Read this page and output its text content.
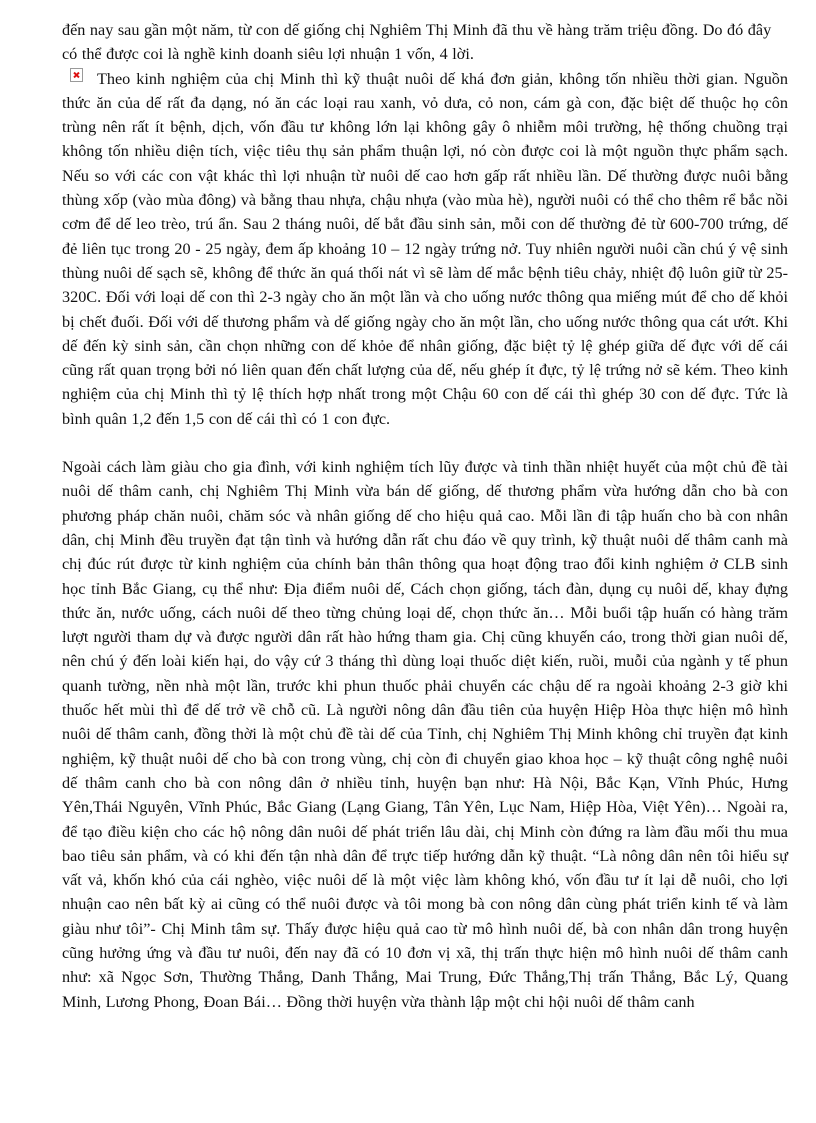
đến nay sau gần một năm, từ con dế giống chị Nghiêm Thị Minh đã thu về hàng trăm triệu đồng. Do đó đây có thể được coi là nghề kinh doanh siêu lợi nhuận 1 vốn, 4 lời.

Theo kinh nghiệm của chị Minh thì kỹ thuật nuôi dế khá đơn giản, không tốn nhiều thời gian. Nguồn thức ăn của dế rất đa dạng, nó ăn các loại rau xanh, vỏ dưa, cỏ non, cám gà con, đặc biệt dế thuộc họ côn trùng nên rất ít bệnh, dịch, vốn đầu tư không lớn lại không gây ô nhiễm môi trường, hệ thống chuồng trại không tốn nhiều diện tích, việc tiêu thụ sản phẩm thuận lợi, nó còn được coi là một nguồn thực phẩm sạch. Nếu so với các con vật khác thì lợi nhuận từ nuôi dế cao hơn gấp rất nhiều lần. Dế thường được nuôi bằng thùng xốp (vào mùa đông) và bằng thau nhựa, chậu nhựa (vào mùa hè), người nuôi có thể cho thêm rể bắc nồi cơm để dế leo trèo, trú ẩn. Sau 2 tháng nuôi, dế bắt đầu sinh sản, mỗi con dế thường đẻ từ 600-700 trứng, dế đẻ liên tục trong 20 - 25 ngày, đem ấp khoảng 10 – 12 ngày trứng nở. Tuy nhiên người nuôi cần chú ý vệ sinh thùng nuôi dế sạch sẽ, không để thức ăn quá thối nát vì sẽ làm dế mắc bệnh tiêu chảy, nhiệt độ luôn giữ từ 25-320C. Đối với loại dế con thì 2-3 ngày cho ăn một lần và cho uống nước thông qua miếng mút để cho dế khỏi bị chết đuối. Đối với dế thương phẩm và dế giống ngày cho ăn một lần, cho uống nước thông qua cát ướt. Khi dế đến kỳ sinh sản, cần chọn những con dế khỏe để nhân giống, đặc biệt tỷ lệ ghép giữa dế đực với dế cái cũng rất quan trọng bởi nó liên quan đến chất lượng của dế, nếu ghép ít đực, tỷ lệ trứng nở sẽ kém. Theo kinh nghiệm của chị Minh thì tỷ lệ thích hợp nhất trong một Chậu 60 con dế cái thì ghép 30 con dế đực. Tức là bình quân 1,2 đến 1,5 con dế cái thì có 1 con đực.

Ngoài cách làm giàu cho gia đình, với kinh nghiệm tích lũy được và tinh thần nhiệt huyết của một chủ đề tài nuôi dế thâm canh, chị Nghiêm Thị Minh vừa bán dế giống, dế thương phẩm vừa hướng dẫn cho bà con phương pháp chăn nuôi, chăm sóc và nhân giống dế cho hiệu quả cao. Mỗi lần đi tập huấn cho bà con nhân dân, chị Minh đều truyền đạt tận tình và hướng dẫn rất chu đáo về quy trình, kỹ thuật nuôi dế thâm canh mà chị đúc rút được từ kinh nghiệm của chính bản thân thông qua hoạt động trao đổi kinh nghiệm ở CLB sinh học tỉnh Bắc Giang, cụ thể như: Địa điểm nuôi dế, Cách chọn giống, tách đàn, dụng cụ nuôi dế, khay đựng thức ăn, nước uống, cách nuôi dế theo từng chủng loại dế, chọn thức ăn… Mỗi buổi tập huấn có hàng trăm lượt người tham dự và được người dân rất hào hứng tham gia. Chị cũng khuyến cáo, trong thời gian nuôi dế, nên chú ý đến loài kiến hại, do vậy cứ 3 tháng thì dùng loại thuốc diệt kiến, ruồi, muỗi của ngành y tế phun quanh tường, nền nhà một lần, trước khi phun thuốc phải chuyển các chậu dế ra ngoài khoảng 2-3 giờ khi thuốc hết mùi thì để dế trở về chỗ cũ. Là người nông dân đầu tiên của huyện Hiệp Hòa thực hiện mô hình nuôi dế thâm canh, đồng thời là một chủ đề tài dế của Tỉnh, chị Nghiêm Thị Minh không chỉ truyền đạt kinh nghiệm, kỹ thuật nuôi dế cho bà con trong vùng, chị còn đi chuyển giao khoa học – kỹ thuật công nghệ nuôi dế thâm canh cho bà con nông dân ở nhiều tỉnh, huyện bạn như: Hà Nội, Bắc Kạn, Vĩnh Phúc, Hưng Yên,Thái Nguyên, Vĩnh Phúc, Bắc Giang (Lạng Giang, Tân Yên, Lục Nam, Hiệp Hòa, Việt Yên)… Ngoài ra, để tạo điều kiện cho các hộ nông dân nuôi dế phát triển lâu dài, chị Minh còn đứng ra làm đầu mối thu mua bao tiêu sản phẩm, và có khi đến tận nhà dân để trực tiếp hướng dẫn kỹ thuật. “Là nông dân nên tôi hiểu sự vất vả, khốn khó của cái nghèo, việc nuôi dế là một việc làm không khó, vốn đầu tư ít lại dễ nuôi, cho lợi nhuận cao nên bất kỳ ai cũng có thể nuôi được và tôi mong bà con nông dân cùng phát triển kinh tế và làm giàu như tôi”- Chị Minh tâm sự. Thấy được hiệu quả cao từ mô hình nuôi dế, bà con nhân dân trong huyện cũng hưởng ứng và đầu tư nuôi, đến nay đã có 10 đơn vị xã, thị trấn thực hiện mô hình nuôi dế thâm canh như: xã Ngọc Sơn, Thường Thắng, Danh Thắng, Mai Trung, Đức Thắng,Thị trấn Thắng, Bắc Lý, Quang Minh, Lương Phong, Đoan Bái… Đồng thời huyện vừa thành lập một chi hội nuôi dế thâm canh
